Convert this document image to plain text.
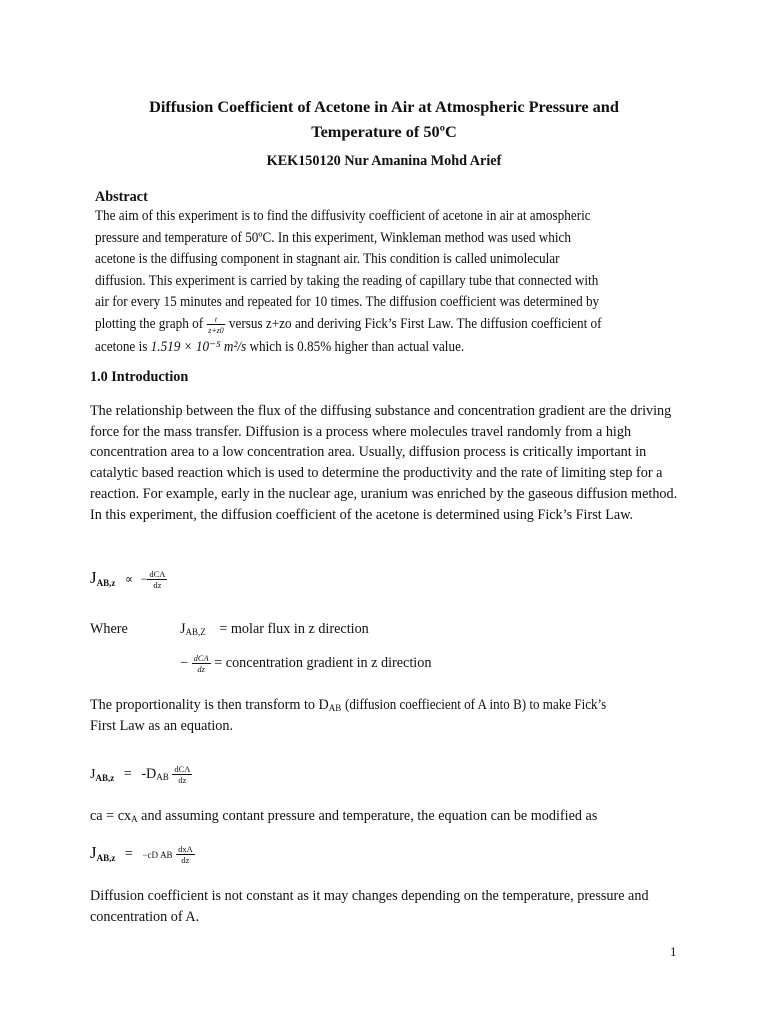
Diffusion Coefficient of Acetone in Air at Atmospheric Pressure and
Temperature of 50ºC

KEK150120 Nur Amanina Mohd Arief

Abstract

The aim of this experiment is to find the diffusivity coefficient of acetone in air at amospheric
pressure and temperature of 50ºC. In this experiment, Winkleman method was used which
acetone is the diffusing component in stagnant air. This condition is called unimolecular
diffusion. This experiment is carried by taking the reading of capillary tube that connected with
air for every 15 minutes and repeated for 10 times. The diffusion coefficient was determined by
plotting the graph of $\frac{t}{z+z0}$ versus z+zo and deriving Fick’s First Law. The diffusion coefficient of
acetone is 1.519 × 10⁻⁵ m²/s which is 0.85% higher than actual value.

1.0 Introduction

The relationship between the flux of the diffusing substance and concentration gradient are the driving force for the mass transfer. Diffusion is a process where molecules travel randomly from a high concentration area to a low concentration area. Usually, diffusion process is critically important in catalytic based reaction which is used to determine the productivity and the rate of limiting step for a reaction. For example, early in the nuclear age, uranium was enriched by the gaseous diffusion method. In this experiment, the diffusion coefficient of the acetone is determined using Fick’s First Law.

$J_{AB,z}$ ∝ − $\frac{\text{dCA}}{dz}$
Where	JAB,Z = molar flux in z direction
− $\frac{\text{dCA}}{dz}$ = concentration gradient in z direction
The proportionality is then transform to DAB (diffusion coeffiecient of A into B) to make Fick’s
First Law as an equation.
$J_{AB,z} = -DAB \frac{\text{dCA}}{dz}$
ca = cxA and assuming contant pressure and temperature, the equation can be modified as
$J_{AB,z} = -cD$ AB $\frac{\text{dxA}}{dz}$

Diffusion coefficient is not constant as it may changes depending on the temperature, pressure and concentration of A.

1
